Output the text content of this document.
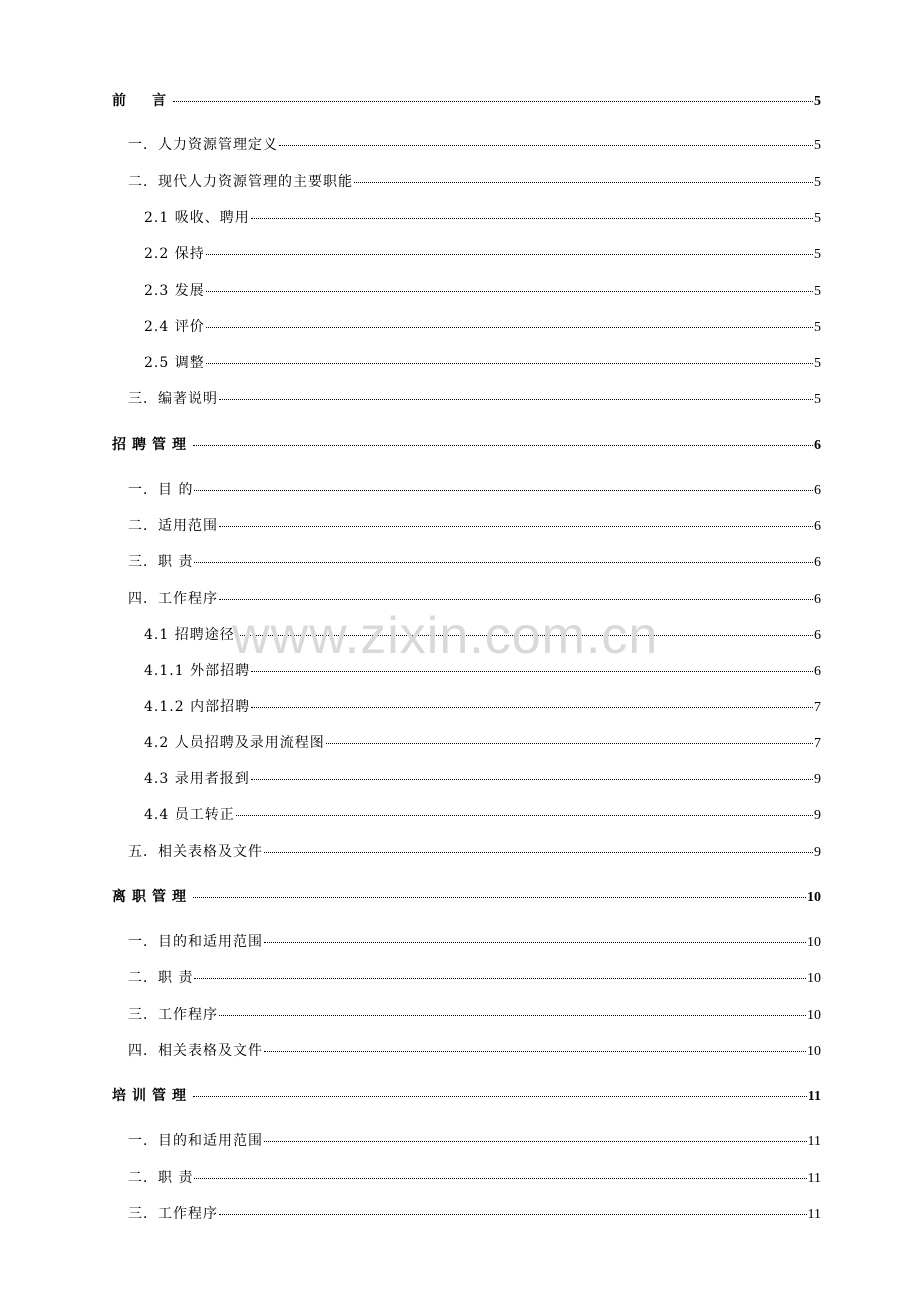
前　言	5
一．人力资源管理定义	5
二．现代人力资源管理的主要职能	5
2.1 吸收、聘用	5
2.2 保持	5
2.3 发展	5
2.4 评价	5
2.5 调整	5
三．编著说明	5
招聘管理	6
一．目 的	6
二．适用范围	6
三．职 责	6
四．工作程序	6
4.1 招聘途径	6
4.1.1 外部招聘	6
4.1.2 内部招聘	7
4.2 人员招聘及录用流程图	7
4.3 录用者报到	9
4.4 员工转正	9
五．相关表格及文件	9
离职管理	10
一．目的和适用范围	10
二．职 责	10
三．工作程序	10
四．相关表格及文件	10
培训管理	11
一．目的和适用范围	11
二．职 责	11
三．工作程序	11
www.zixin.com.cn
